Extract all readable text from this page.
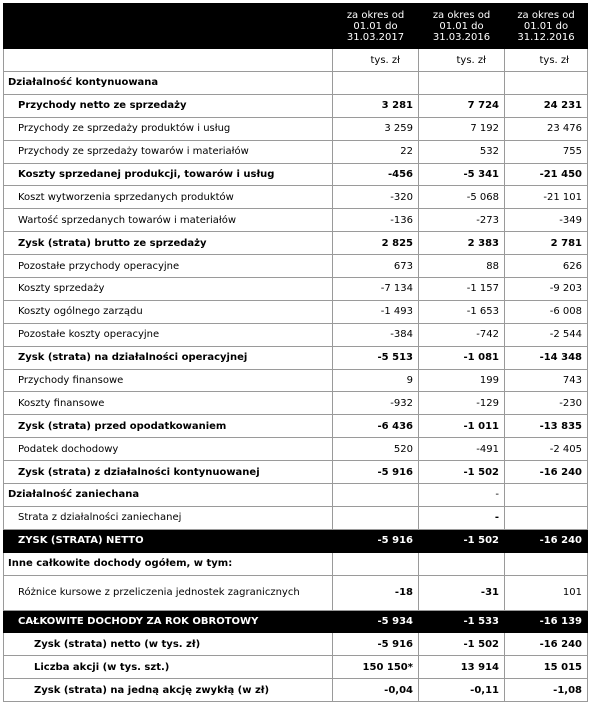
	za okres od
01.01 do
31.03.2017	za okres od
01.01 do
31.03.2016	za okres od
01.01 do
31.12.2016

	tys. zł	tys. zł	tys. zł
Działalność kontynuowana			
Przychody netto ze sprzedaży	3 281	7 724	24 231
Przychody ze sprzedaży produktów i usług	3 259	7 192	23 476
Przychody ze sprzedaży towarów i materiałów	22	532	755
Koszty sprzedanej produkcji, towarów i usług	-456	-5 341	-21 450
Koszt wytworzenia sprzedanych produktów	-320	-5 068	-21 101
Wartość sprzedanych towarów i materiałów	-136	-273	-349
Zysk (strata) brutto ze sprzedaży	2 825	2 383	2 781
Pozostałe przychody operacyjne	673	88	626
Koszty sprzedaży	-7 134	-1 157	-9 203
Koszty ogólnego zarządu	-1 493	-1 653	-6 008
Pozostałe koszty operacyjne	-384	-742	-2 544
Zysk (strata) na działalności operacyjnej	-5 513	-1 081	-14 348
Przychody finansowe	9	199	743
Koszty finansowe	-932	-129	-230
Zysk (strata) przed opodatkowaniem	-6 436	-1 011	-13 835
Podatek dochodowy	520	-491	-2 405
Zysk (strata) z działalności kontynuowanej	-5 916	-1 502	-16 240
Działalność zaniechana		-	
Strata z działalności zaniechanej		-	
ZYSK (STRATA) NETTO	-5 916	-1 502	-16 240
Inne całkowite dochody ogółem, w tym:			
Różnice kursowe z przeliczenia jednostek zagranicznych	-18	-31	101
CAŁKOWITE DOCHODY ZA ROK OBROTOWY	-5 934	-1 533	-16 139
Zysk (strata) netto (w tys. zł)	-5 916	-1 502	-16 240
Liczba akcji (w tys. szt.)	150 150*	13 914	15 015
Zysk (strata) na jedną akcję zwykłą (w zł)	-0,04	-0,11	-1,08
